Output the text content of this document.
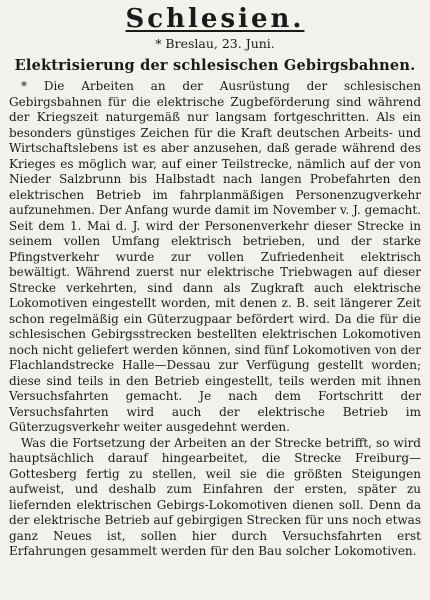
Schlesien.
* Breslau, 23. Juni.
Elektrisierung der schlesischen Gebirgsbahnen.

* Die Arbeiten an der Ausrüstung der schlesischen Gebirgsbahnen für die elektrische Zugbeförderung sind während der Kriegszeit naturgemäß nur langsam fortgeschritten. Als ein besonders günstiges Zeichen für die Kraft deutschen Arbeits- und Wirtschaftslebens ist es aber anzusehen, daß gerade während des Krieges es möglich war, auf einer Teilstrecke, nämlich auf der von Nieder Salzbrunn bis Halbstadt nach langen Probefahrten den elektrischen Betrieb im fahrplanmäßigen Personenzugverkehr aufzunehmen. Der Anfang wurde damit im November v. J. gemacht. Seit dem 1. Mai d. J. wird der Personenverkehr dieser Strecke in seinem vollen Umfang elektrisch betrieben, und der starke Pfingstverkehr wurde zur vollen Zufriedenheit elektrisch bewältigt. Während zuerst nur elektrische Triebwagen auf dieser Strecke verkehrten, sind dann als Zugkraft auch elektrische Lokomotiven eingestellt worden, mit denen z. B. seit längerer Zeit schon regelmäßig ein Güterzugpaar befördert wird. Da die für die schlesischen Gebirgsstrecken bestellten elektrischen Lokomotiven noch nicht geliefert werden können, sind fünf Lokomotiven von der Flachlandstrecke Halle—Dessau zur Verfügung gestellt worden; diese sind teils in den Betrieb eingestellt, teils werden mit ihnen Versuchsfahrten gemacht. Je nach dem Fortschritt der Versuchsfahrten wird auch der elektrische Betrieb im Güterzugsverkehr weiter ausgedehnt werden.

Was die Fortsetzung der Arbeiten an der Strecke betrifft, so wird hauptsächlich darauf hingearbeitet, die Strecke Freiburg—Gottesberg fertig zu stellen, weil sie die größten Steigungen aufweist, und deshalb zum Einfahren der ersten, später zu liefernden elektrischen Gebirgs-Lokomotiven dienen soll. Denn da der elektrische Betrieb auf gebirgigen Strecken für uns noch etwas ganz Neues ist, sollen hier durch Versuchsfahrten erst Erfahrungen gesammelt werden für den Bau solcher Lokomotiven.
